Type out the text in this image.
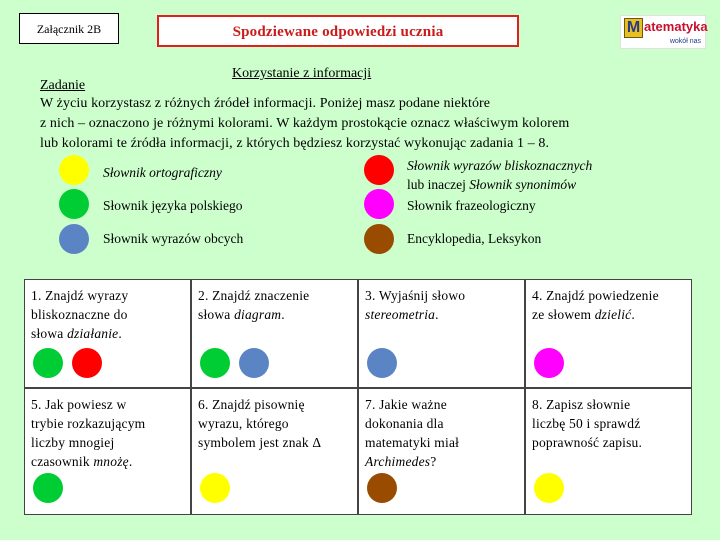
Załącznik 2B	Spodziewane odpowiedzi ucznia	M atematyka
wokół nas
Korzystanie z informacji
Zadanie
W życiu korzystasz z różnych źródeł informacji. Poniżej masz podane niektóre
z nich – oznaczono je różnymi kolorami. W każdym prostokącie oznacz właściwym kolorem
lub kolorami te źródła informacji, z których będziesz korzystać wykonując zadania 1 – 8.
Słownik ortograficzny	Słownik wyrazów bliskoznacznych
lub inaczej Słownik synonimów
Słownik języka polskiego	Słownik frazeologiczny
Słownik wyrazów obcych	Encyklopedia, Leksykon
1. Znajdź wyrazy
bliskoznaczne do
słowa działanie.
2. Znajdź znaczenie
słowa diagram.
3. Wyjaśnij słowo
stereometria.
4. Znajdź powiedzenie
ze słowem dzielić.
5. Jak powiesz w
trybie rozkazującym
liczby mnogiej
czasownik mnożę.
6. Znajdź pisownię
wyrazu, którego
symbolem jest znak Δ
7. Jakie ważne
dokonania dla
matematyki miał
Archimedes?
8. Zapisz słownie
liczbę 50 i sprawdź
poprawność zapisu.
